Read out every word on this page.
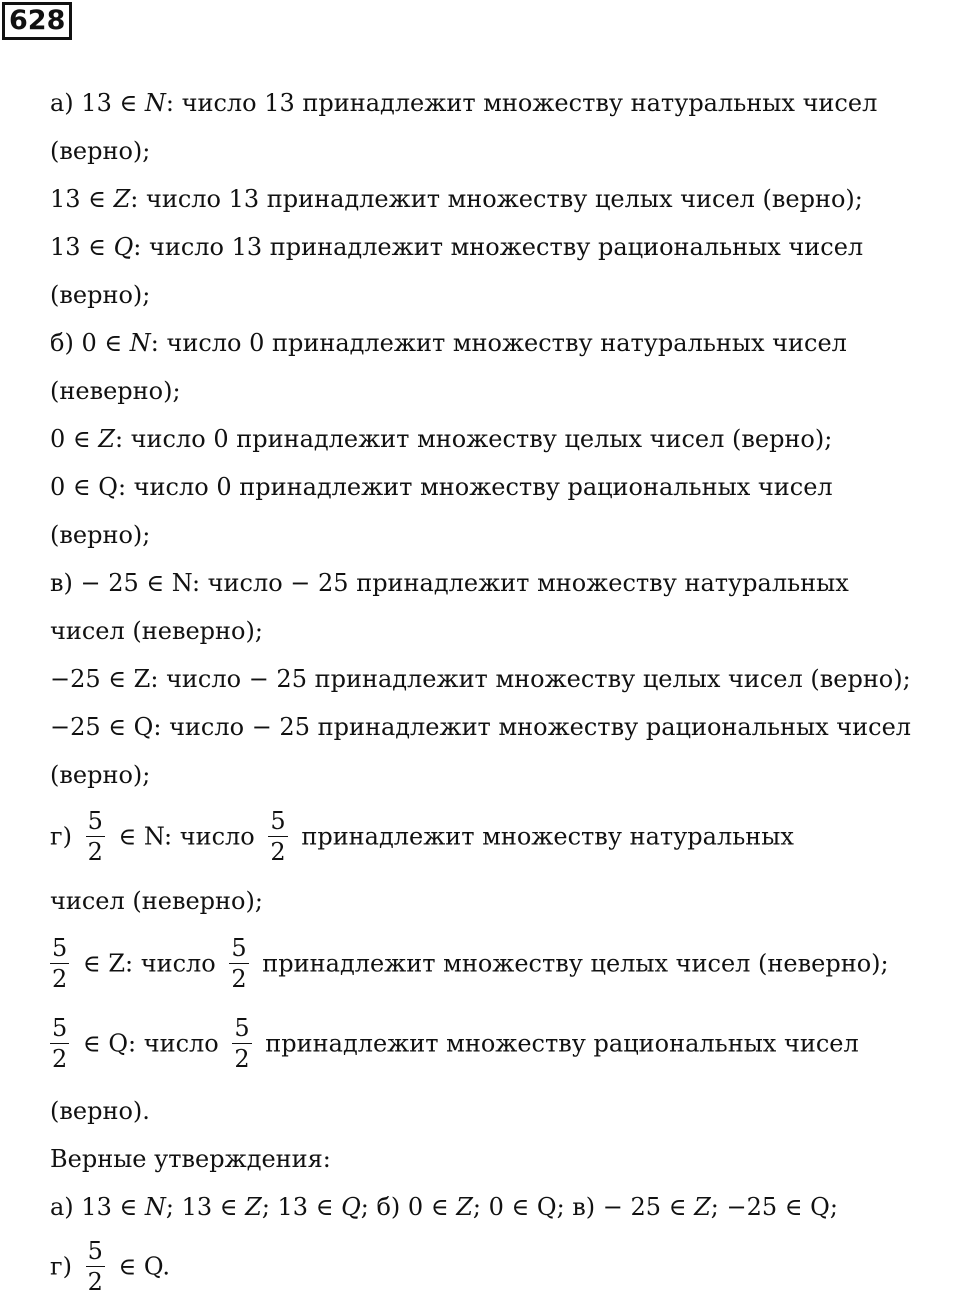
628
а) 13 ∈ 𝑁: число 13 принадлежит множеству натуральных чисел
(верно);
13 ∈ 𝑍: число 13 принадлежит множеству целых чисел (верно);
13 ∈ 𝑄: число 13 принадлежит множеству рациональных чисел
(верно);
б) 0 ∈ 𝑁: число 0 принадлежит множеству натуральных чисел
(неверно);
0 ∈ 𝑍: число 0 принадлежит множеству целых чисел (верно);
0 ∈ Q: число 0 принадлежит множеству рациональных чисел
(верно);
в) − 25 ∈ N: число − 25 принадлежит множеству натуральных
чисел (неверно);
−25 ∈ Z: число − 25 принадлежит множеству целых чисел (верно);
−25 ∈ Q: число − 25 принадлежит множеству рациональных чисел
(верно);
$г) \frac{5}{2}$ ∈ N: число $\frac{5}{2}$ принадлежит множеству натуральных
чисел (неверно);
$\frac{5}{2}$ ∈ Z: число $\frac{5}{2}$ принадлежит множеству целых чисел (неверно);
$\frac{5}{2}$ ∈ Q: число $\frac{5}{2}$ принадлежит множеству рациональных чисел
(верно).
Верные утверждения:
а) 13 ∈ 𝑁; 13 ∈ 𝑍; 13 ∈ 𝑄; б) 0 ∈ 𝑍; 0 ∈ Q; в) − 25 ∈ 𝑍; −25 ∈ Q;
$г) \frac{5}{2}$ ∈ Q.
